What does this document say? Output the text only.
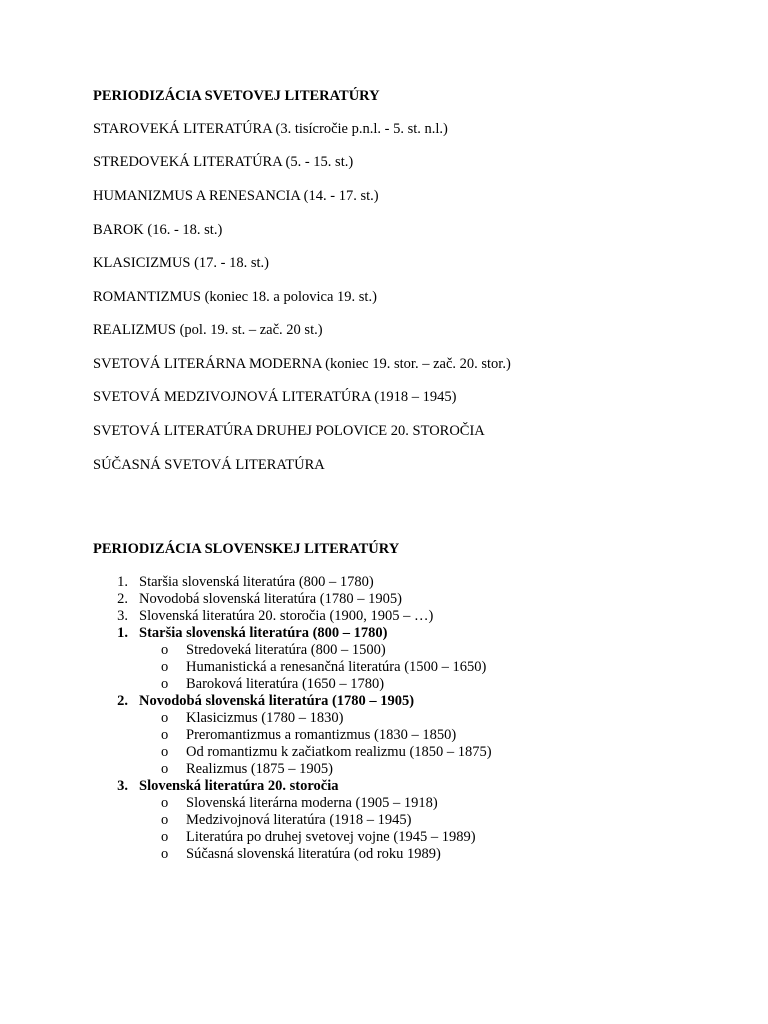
PERIODIZÁCIA SVETOVEJ LITERATÚRY
STAROVEKÁ LITERATÚRA (3. tisícročie p.n.l. - 5. st. n.l.)
STREDOVEKÁ LITERATÚRA (5. - 15. st.)
HUMANIZMUS A RENESANCIA (14. - 17. st.)
BAROK (16. - 18. st.)
KLASICIZMUS (17. - 18. st.)
ROMANTIZMUS (koniec 18. a polovica 19. st.)
REALIZMUS (pol. 19. st. – zač. 20 st.)
SVETOVÁ LITERÁRNA MODERNA (koniec 19. stor. – zač. 20. stor.)
SVETOVÁ MEDZIVOJNOVÁ LITERATÚRA (1918 – 1945)
SVETOVÁ LITERATÚRA DRUHEJ POLOVICE 20. STOROČIA
SÚČASNÁ SVETOVÁ LITERATÚRA
PERIODIZÁCIA SLOVENSKEJ LITERATÚRY
1. Staršia slovenská literatúra (800 – 1780)
2. Novodobá slovenská literatúra (1780 – 1905)
3. Slovenská literatúra 20. storočia (1900, 1905 – …)
1. Staršia slovenská literatúra (800 – 1780)
o Stredoveká literatúra (800 – 1500)
o Humanistická a renesančná literatúra (1500 – 1650)
o Baroková literatúra (1650 – 1780)
2. Novodobá slovenská literatúra (1780 – 1905)
o Klasicizmus (1780 – 1830)
o Preromantizmus a romantizmus (1830 – 1850)
o Od romantizmu k začiatkom realizmu (1850 – 1875)
o Realizmus (1875 – 1905)
3. Slovenská literatúra 20. storočia
o Slovenská literárna moderna (1905 – 1918)
o Medzivojnová literatúra (1918 – 1945)
o Literatúra po druhej svetovej vojne (1945 – 1989)
o Súčasná slovenská literatúra (od roku 1989)
